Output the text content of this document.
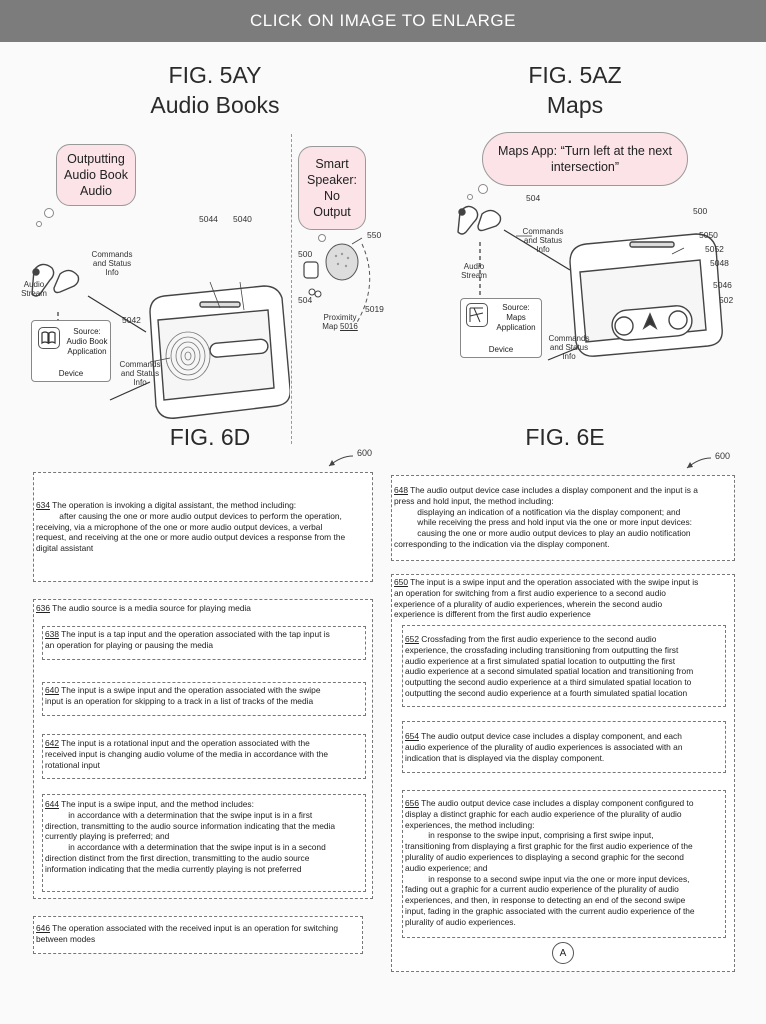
CLICK ON IMAGE TO ENLARGE
FIG. 5AY
Audio Books
Outputting
Audio Book
Audio
Commands
and Status
Info
Audio
Stream
Commands
and Status
Info
5044 5040
5042
Source:
Audio Book
Application
Device
Smart
Speaker: No
Output
550
500
504
5019
Proximity
Map 5016
FIG. 5AZ
Maps
Maps App: “Turn left at the next
intersection”
504
500
5050
5052
5048
5046
502
Commands
and Status
Info
Audio
Stream
Commands
and Status
Info
Source:
Maps
Application
Device
FIG. 6D
600
634 The operation is invoking a digital assistant, the method including:
after causing the one or more audio output devices to perform the operation,
receiving, via a microphone of the one or more audio output devices, a verbal
request, and receiving at the one or more audio output devices a response from the
digital assistant
636 The audio source is a media source for playing media
638 The input is a tap input and the operation associated with the tap input is
an operation for playing or pausing the media
640 The input is a swipe input and the operation associated with the swipe
input is an operation for skipping to a track in a list of tracks of the media
642 The input is a rotational input and the operation associated with the
received input is changing audio volume of the media in accordance with the
rotational input
644 The input is a swipe input, and the method includes:
in accordance with a determination that the swipe input is in a first
direction, transmitting to the audio source information indicating that the media
currently playing is preferred; and
in accordance with a determination that the swipe input is in a second
direction distinct from the first direction, transmitting to the audio source
information indicating that the media currently playing is not preferred
646 The operation associated with the received input is an operation for switching
between modes
FIG. 6E
600
648 The audio output device case includes a display component and the input is a
press and hold input, the method including:
displaying an indication of a notification via the display component; and
while receiving the press and hold input via the one or more input devices:
causing the one or more audio output devices to play an audio notification
corresponding to the indication via the display component.
650 The input is a swipe input and the operation associated with the swipe input is
an operation for switching from a first audio experience to a second audio
experience of a plurality of audio experiences, wherein the second audio
experience is different from the first audio experience
652 Crossfading from the first audio experience to the second audio
experience, the crossfading including transitioning from outputting the first
audio experience at a first simulated spatial location to outputting the first
audio experience at a second simulated spatial location and transitioning from
outputting the second audio experience at a third simulated spatial location to
outputting the second audio experience at a fourth simulated spatial location
654 The audio output device case includes a display component, and each
audio experience of the plurality of audio experiences is associated with an
indication that is displayed via the display component.
656 The audio output device case includes a display component configured to
display a distinct graphic for each audio experience of the plurality of audio
experiences, the method including:
in response to the swipe input, comprising a first swipe input,
transitioning from displaying a first graphic for the first audio experience of the
plurality of audio experiences to displaying a second graphic for the second
audio experience; and
in response to a second swipe input via the one or more input devices,
fading out a graphic for a current audio experience of the plurality of audio
experiences, and then, in response to detecting an end of the second swipe
input, fading in the graphic associated with the current audio experience of the
plurality of audio experiences.
A
